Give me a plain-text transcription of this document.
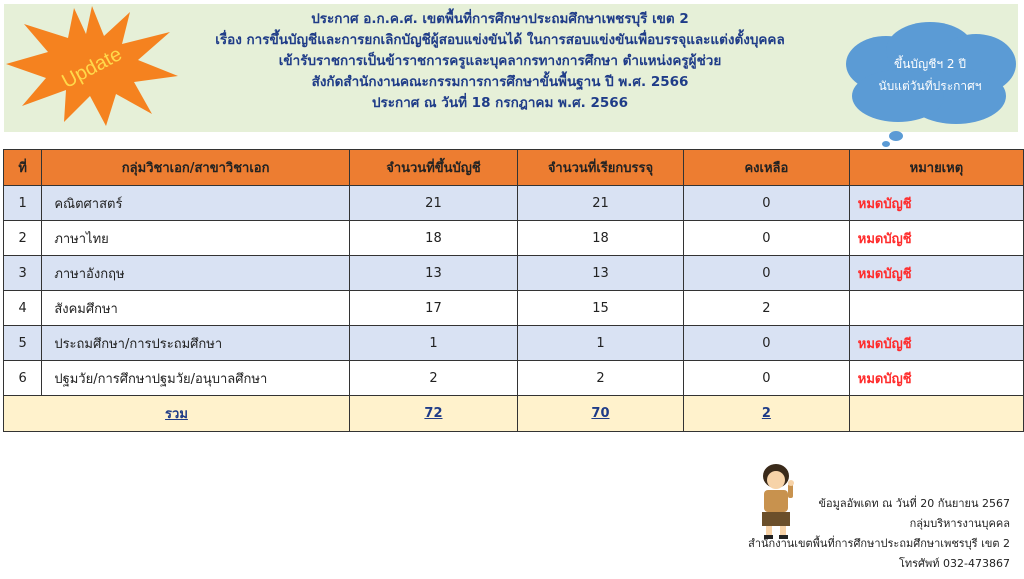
Update
ประกาศ อ.ก.ค.ศ. เขตพื้นที่การศึกษาประถมศึกษาเพชรบุรี เขต 2
เรื่อง การขึ้นบัญชีและการยกเลิกบัญชีผู้สอบแข่งขันได้ ในการสอบแข่งขันเพื่อบรรจุและแต่งตั้งบุคคล
เข้ารับราชการเป็นข้าราชการครูและบุคลากรทางการศึกษา ตำแหน่งครูผู้ช่วย
สังกัดสำนักงานคณะกรรมการการศึกษาขั้นพื้นฐาน ปี พ.ศ. 2566
ประกาศ ณ วันที่ 18 กรกฎาคม พ.ศ. 2566
ขึ้นบัญชีฯ 2 ปี
นับแต่วันที่ประกาศฯ
ที่	กลุ่มวิชาเอก/สาขาวิชาเอก	จำนวนที่ขึ้นบัญชี	จำนวนที่เรียกบรรจุ	คงเหลือ	หมายเหตุ
1	คณิตศาสตร์	21	21	0	หมดบัญชี
2	ภาษาไทย	18	18	0	หมดบัญชี
3	ภาษาอังกฤษ	13	13	0	หมดบัญชี
4	สังคมศึกษา	17	15	2	
5	ประถมศึกษา/การประถมศึกษา	1	1	0	หมดบัญชี
6	ปฐมวัย/การศึกษาปฐมวัย/อนุบาลศึกษา	2	2	0	หมดบัญชี
รวม		72	70	2	
ข้อมูลอัพเดท ณ วันที่ 20 กันยายน 2567
กลุ่มบริหารงานบุคคล
สำนักงานเขตพื้นที่การศึกษาประถมศึกษาเพชรบุรี เขต 2
โทรศัพท์ 032-473867
